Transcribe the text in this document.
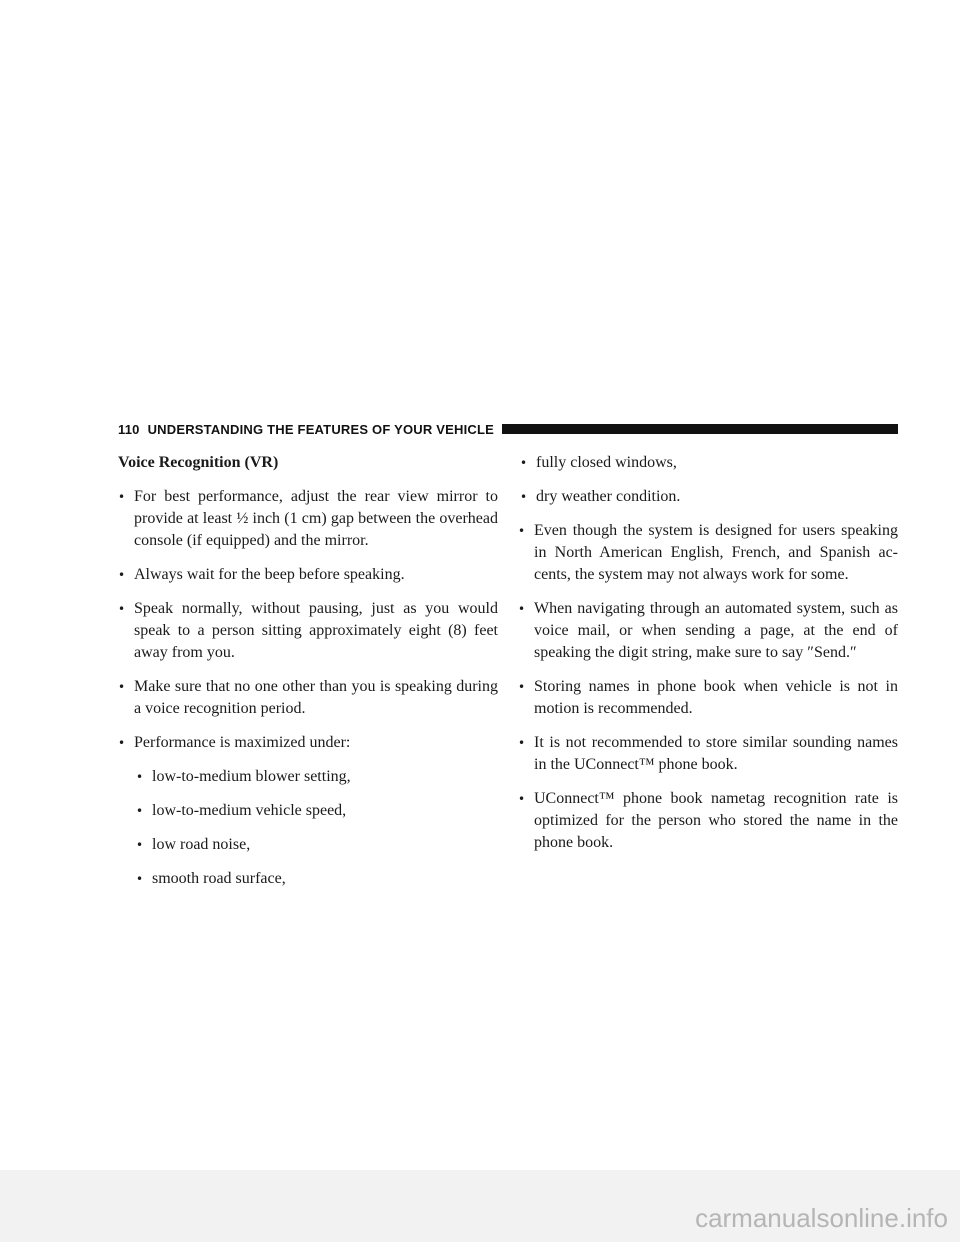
110 UNDERSTANDING THE FEATURES OF YOUR VEHICLE
Voice Recognition (VR)
• For best performance, adjust the rear view mirror to provide at least ½ inch (1 cm) gap between the overhead console (if equipped) and the mirror.
• Always wait for the beep before speaking.
• Speak normally, without pausing, just as you would speak to a person sitting approximately eight (8) feet away from you.
• Make sure that no one other than you is speaking during a voice recognition period.
• Performance is maximized under:
• low-to-medium blower setting,
• low-to-medium vehicle speed,
• low road noise,
• smooth road surface,
• fully closed windows,
• dry weather condition.
• Even though the system is designed for users speaking in North American English, French, and Spanish ac-cents, the system may not always work for some.
• When navigating through an automated system, such as voice mail, or when sending a page, at the end of speaking the digit string, make sure to say ″Send.″
• Storing names in phone book when vehicle is not in motion is recommended.
• It is not recommended to store similar sounding names in the UConnect™ phone book.
• UConnect™ phone book nametag recognition rate is optimized for the person who stored the name in the phone book.
carmanualsonline.info
